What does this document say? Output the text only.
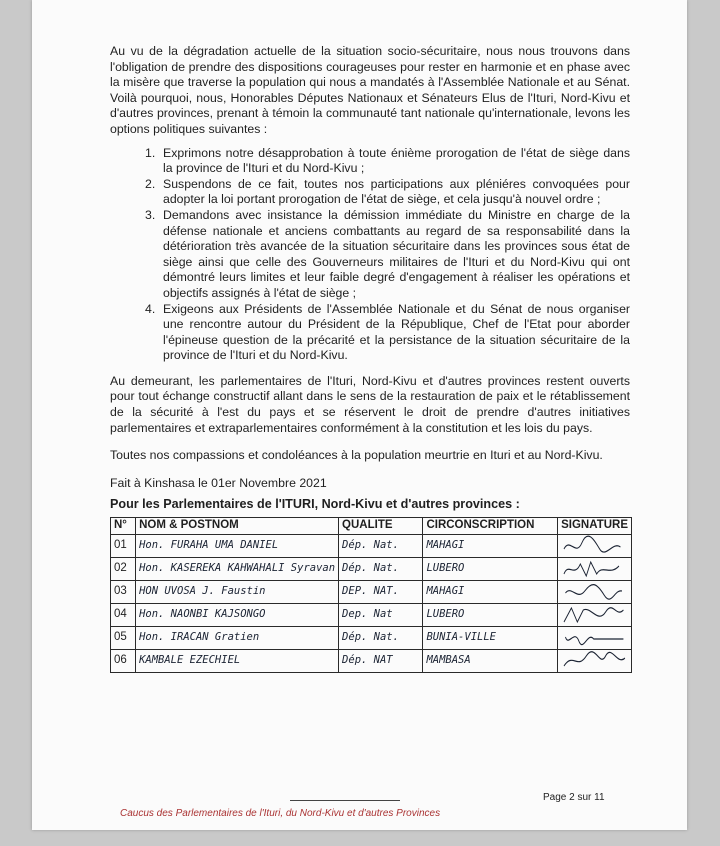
Au vu de la dégradation actuelle de la situation socio-sécuritaire, nous nous trouvons dans l'obligation de prendre des dispositions courageuses pour rester en harmonie et en phase avec la misère que traverse la population qui nous a mandatés à l'Assemblée Nationale et au Sénat. Voilà pourquoi, nous, Honorables Députes Nationaux et Sénateurs Elus de l'Ituri, Nord-Kivu et d'autres provinces, prenant à témoin la communauté tant nationale qu'internationale, levons les options politiques suivantes :

1. Exprimons notre désapprobation à toute énième prorogation de l'état de siège dans la province de l'Ituri et du Nord-Kivu ;
2. Suspendons de ce fait, toutes nos participations aux pléniéres convoquées pour adopter la loi portant prorogation de l'état de siège, et cela jusqu'à nouvel ordre ;
3. Demandons avec insistance la démission immédiate du Ministre en charge de la défense nationale et anciens combattants au regard de sa responsabilité dans la détérioration très avancée de la situation sécuritaire dans les provinces sous état de siège ainsi que celle des Gouverneurs militaires de l'Ituri et du Nord-Kivu qui ont démontré leurs limites et leur faible degré d'engagement à réaliser les opérations et objectifs assignés à l'état de siège ;
4. Exigeons aux Présidents de l'Assemblée Nationale et du Sénat de nous organiser une rencontre autour du Président de la République, Chef de l'Etat pour aborder l'épineuse question de la précarité et la persistance de la situation sécuritaire de la province de l'Ituri et du Nord-Kivu.

Au demeurant, les parlementaires de l'Ituri, Nord-Kivu et d'autres provinces restent ouverts pour tout échange constructif allant dans le sens de la restauration de paix et le rétablissement de la sécurité à l'est du pays et se réservent le droit de prendre d'autres initiatives parlementaires et extraparlementaires conformément à la constitution et les lois du pays.

Toutes nos compassions et condoléances à la population meurtrie en Ituri et au Nord-Kivu.

Fait à Kinshasa le 01er Novembre 2021

Pour les Parlementaires de l'ITURI, Nord-Kivu et d'autres provinces :
N°	NOM & POSTNOM	QUALITE	CIRCONSCRIPTION	SIGNATURE
01	Hon. FURAHA UMA DANIEL	Dép. Nat.	MAHAGI	

02	Hon. KASEREKA KAHWAHALI Syravan	Dép. Nat.	LUBERO	

03	HON UVOSA J. Faustin	DEP. NAT.	MAHAGI	

04	Hon. NAONBI KAJSONGO	Dep. Nat	LUBERO	

05	Hon. IRACAN Gratien	Dép. Nat.	BUNIA-VILLE	

06	KAMBALE EZECHIEL	Dép. NAT	MAMBASA	
Page 2 sur 11
Caucus des Parlementaires de l'Ituri, du Nord-Kivu et d'autres Provinces
